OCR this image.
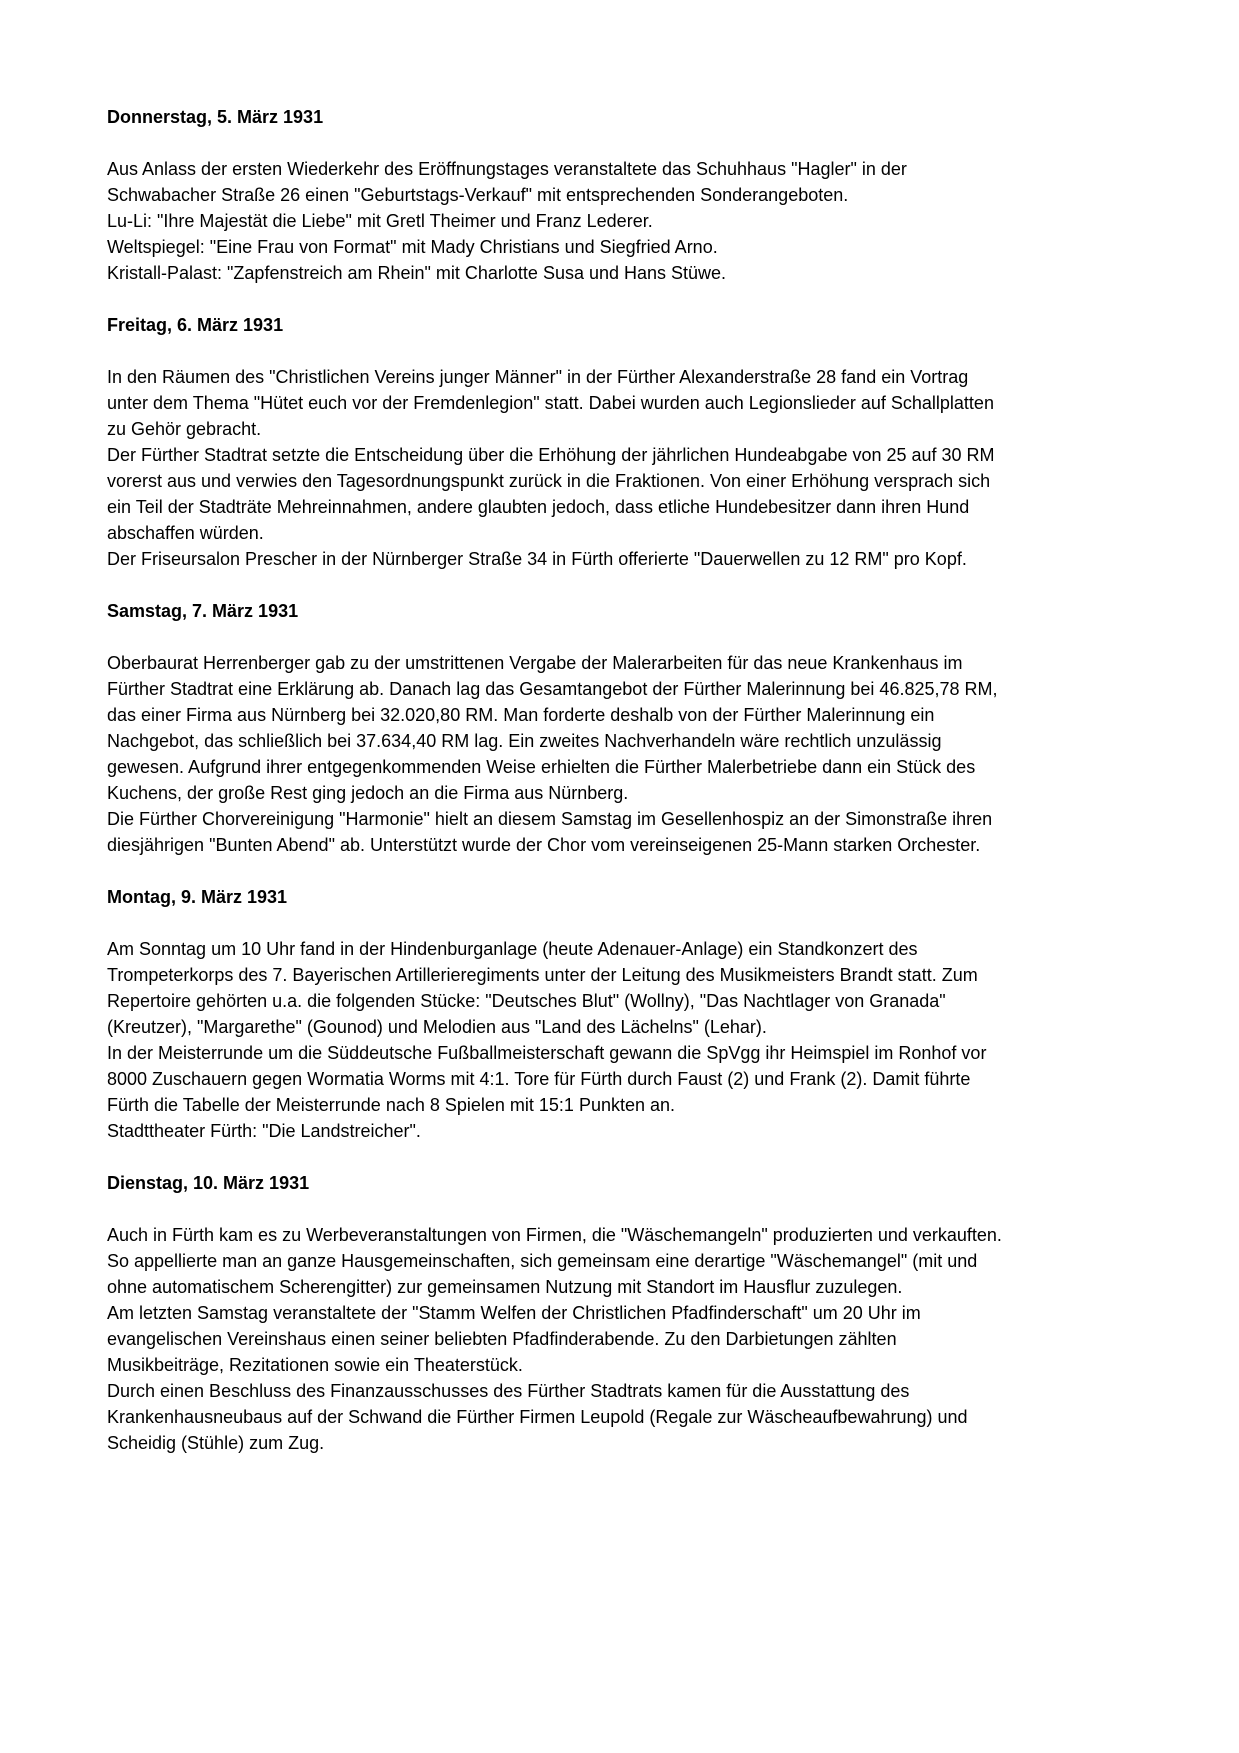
Donnerstag, 5. März 1931

Aus Anlass der ersten Wiederkehr des Eröffnungstages veranstaltete das Schuhhaus "Hagler" in der Schwabacher Straße 26 einen "Geburtstags-Verkauf" mit entsprechenden Sonderangeboten.

Lu-Li: "Ihre Majestät die Liebe" mit Gretl Theimer und Franz Lederer.

Weltspiegel: "Eine Frau von Format" mit Mady Christians und Siegfried Arno.

Kristall-Palast: "Zapfenstreich am Rhein" mit Charlotte Susa und Hans Stüwe.

Freitag, 6. März 1931

In den Räumen des "Christlichen Vereins junger Männer" in der Fürther Alexanderstraße 28 fand ein Vortrag unter dem Thema "Hütet euch vor der Fremdenlegion" statt. Dabei wurden auch Legionslieder auf Schallplatten zu Gehör gebracht.

Der Fürther Stadtrat setzte die Entscheidung über die Erhöhung der jährlichen Hundeabgabe von 25 auf 30 RM vorerst aus und verwies den Tagesordnungspunkt zurück in die Fraktionen. Von einer Erhöhung versprach sich ein Teil der Stadträte Mehreinnahmen, andere glaubten jedoch, dass etliche Hundebesitzer dann ihren Hund abschaffen würden.

Der Friseursalon Prescher in der Nürnberger Straße 34 in Fürth offerierte "Dauerwellen zu 12 RM" pro Kopf.

Samstag, 7. März 1931

Oberbaurat Herrenberger gab zu der umstrittenen Vergabe der Malerarbeiten für das neue Krankenhaus im Fürther Stadtrat eine Erklärung ab. Danach lag das Gesamtangebot der Fürther Malerinnung bei 46.825,78 RM, das einer Firma aus Nürnberg bei 32.020,80 RM. Man forderte deshalb von der Fürther Malerinnung ein Nachgebot, das schließlich bei 37.634,40 RM lag. Ein zweites Nachverhandeln wäre rechtlich unzulässig gewesen. Aufgrund ihrer entgegenkommenden Weise erhielten die Fürther Malerbetriebe dann ein Stück des Kuchens, der große Rest ging jedoch an die Firma aus Nürnberg.

Die Fürther Chorvereinigung "Harmonie" hielt an diesem Samstag im Gesellenhospiz an der Simonstraße ihren diesjährigen "Bunten Abend" ab. Unterstützt wurde der Chor vom vereinseigenen 25-Mann starken Orchester.

Montag, 9. März 1931

Am Sonntag um 10 Uhr fand in der Hindenburganlage (heute Adenauer-Anlage) ein Standkonzert des Trompeterkorps des 7. Bayerischen Artillerieregiments unter der Leitung des Musikmeisters Brandt statt. Zum Repertoire gehörten u.a. die folgenden Stücke: "Deutsches Blut" (Wollny), "Das Nachtlager von Granada" (Kreutzer), "Margarethe" (Gounod) und Melodien aus "Land des Lächelns" (Lehar).

In der Meisterrunde um die Süddeutsche Fußballmeisterschaft gewann die SpVgg ihr Heimspiel im Ronhof vor 8000 Zuschauern gegen Wormatia Worms mit 4:1. Tore für Fürth durch Faust (2) und Frank (2). Damit führte Fürth die Tabelle der Meisterrunde nach 8 Spielen mit 15:1 Punkten an.

Stadttheater Fürth: "Die Landstreicher".

Dienstag, 10. März 1931

Auch in Fürth kam es zu Werbeveranstaltungen von Firmen, die "Wäschemangeln" produzierten und verkauften. So appellierte man an ganze Hausgemeinschaften, sich gemeinsam eine derartige "Wäschemangel" (mit und ohne automatischem Scherengitter) zur gemeinsamen Nutzung mit Standort im Hausflur zuzulegen.

Am letzten Samstag veranstaltete der "Stamm Welfen der Christlichen Pfadfinderschaft" um 20 Uhr im evangelischen Vereinshaus einen seiner beliebten Pfadfinderabende. Zu den Darbietungen zählten Musikbeiträge, Rezitationen sowie ein Theaterstück.

Durch einen Beschluss des Finanzausschusses des Fürther Stadtrats kamen für die Ausstattung des Krankenhausneubaus auf der Schwand die Fürther Firmen Leupold (Regale zur Wäscheaufbewahrung) und Scheidig (Stühle) zum Zug.
